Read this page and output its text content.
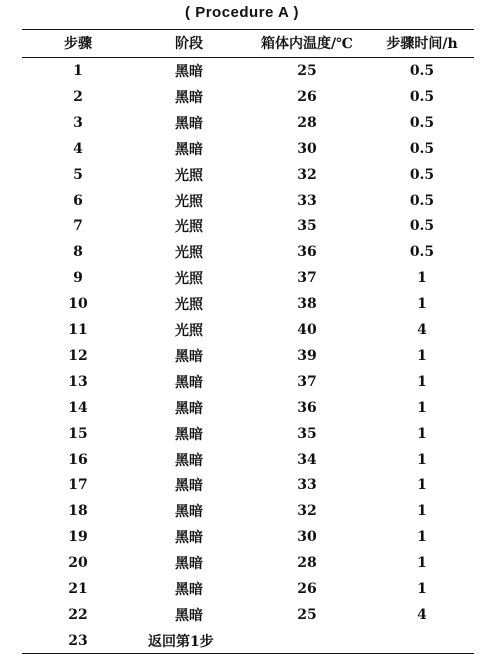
( Procedure A )
步骤	阶段	箱体内温度/℃	步骤时间/h
1	黑暗	25	0.5
2	黑暗	26	0.5
3	黑暗	28	0.5
4	黑暗	30	0.5
5	光照	32	0.5
6	光照	33	0.5
7	光照	35	0.5
8	光照	36	0.5
9	光照	37	1
10	光照	38	1
11	光照	40	4
12	黑暗	39	1
13	黑暗	37	1
14	黑暗	36	1
15	黑暗	35	1
16	黑暗	34	1
17	黑暗	33	1
18	黑暗	32	1
19	黑暗	30	1
20	黑暗	28	1
21	黑暗	26	1
22	黑暗	25	4
23	返回第1步
